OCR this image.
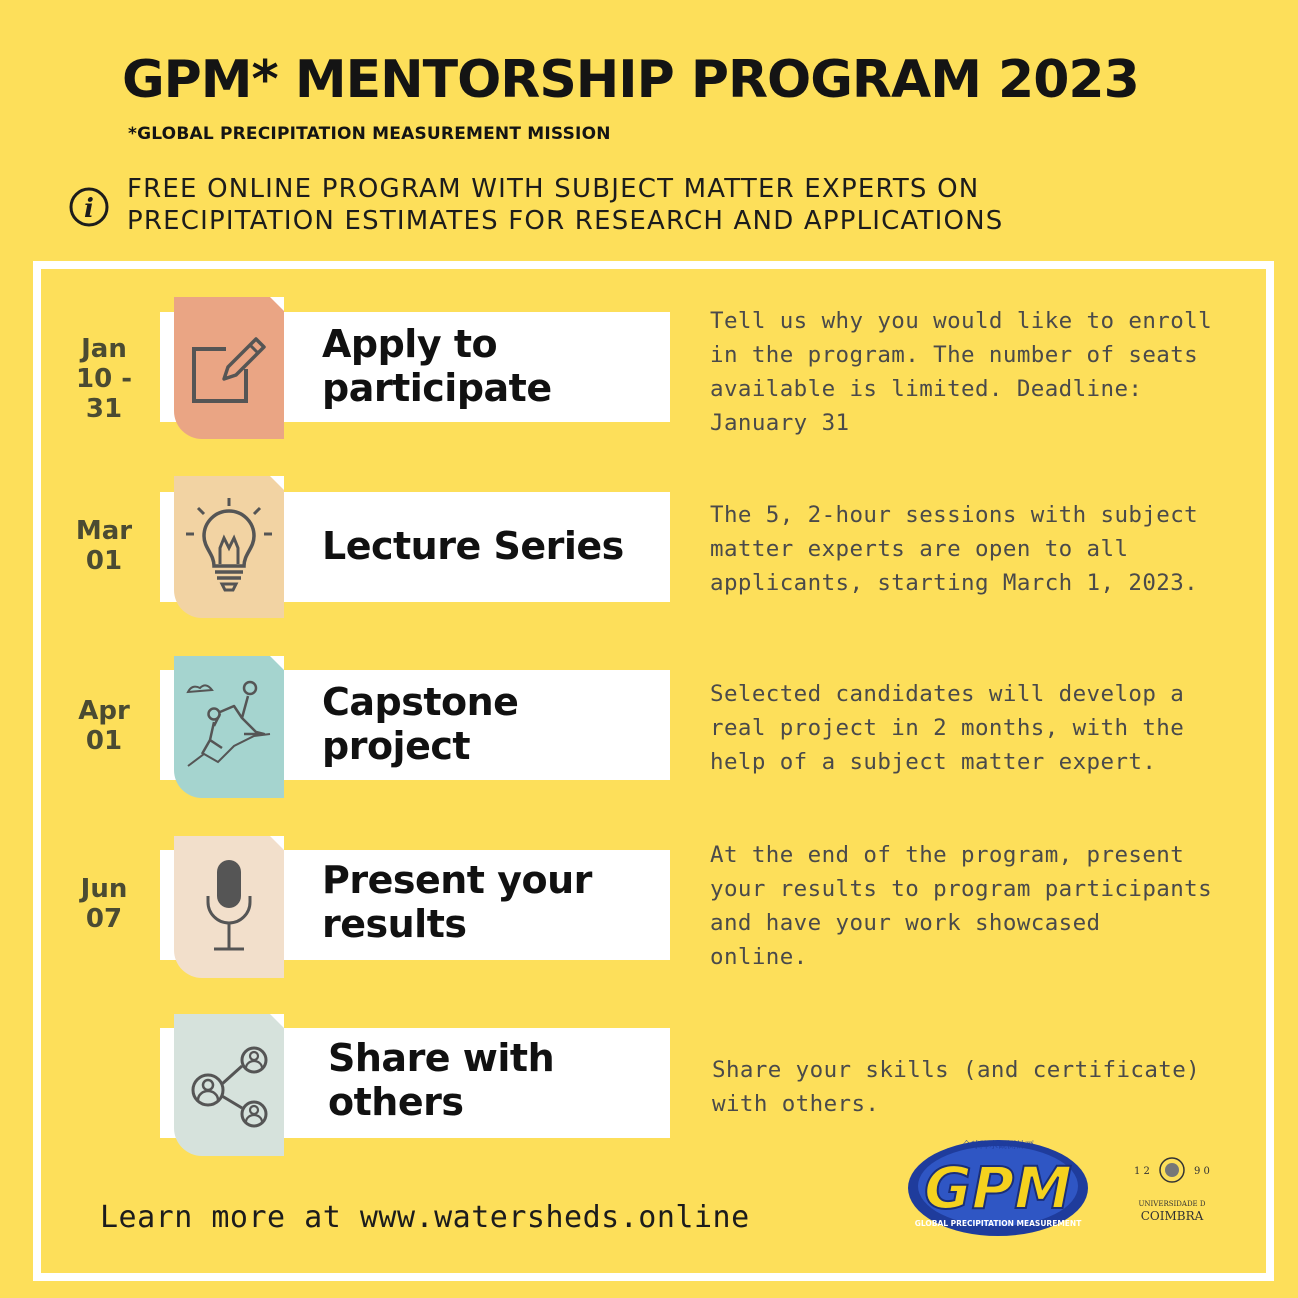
GPM* MENTORSHIP PROGRAM 2023
*GLOBAL PRECIPITATION MEASUREMENT MISSION
i
FREE ONLINE PROGRAM WITH SUBJECT MATTER EXPERTS ON
PRECIPITATION ESTIMATES FOR RESEARCH AND APPLICATIONS
Jan
10 - 31
Apply to
participate
Tell us why you would like to enroll
in the program. The number of seats
available is limited. Deadline:
January 31
Mar
01	Lecture Series
The 5, 2-hour sessions with subject
matter experts are open to all
applicants, starting March 1, 2023.
Apr
01
Capstone
project
Selected candidates will develop a
real project in 2 months, with the
help of a subject matter expert.
Jun
07
Present your
results
At the end of the program, present
your results to program participants
and have your work showcased
online.
Share with
others
Share your skills (and certificate)
with others.
Learn more at www.watersheds.online
全球降水観測計画
GPM
GLOBAL PRECIPITATION MEASUREMENT
1 2	9 0
UNIVERSIDADE D
COIMBRA
